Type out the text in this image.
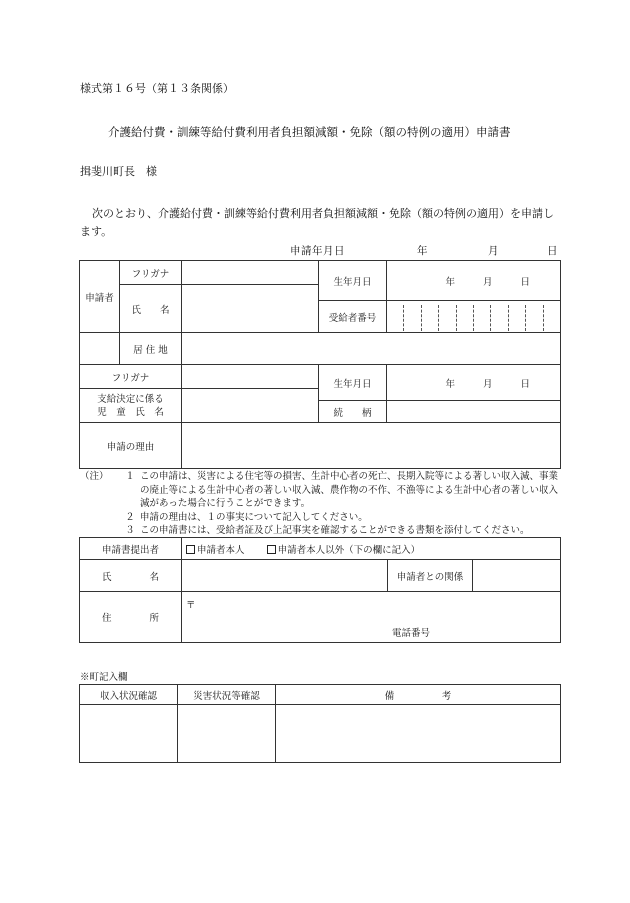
様式第１６号（第１３条関係）
介護給付費・訓練等給付費利用者負担額減額・免除（額の特例の適用）申請書
揖斐川町長　様
次のとおり、介護給付費・訓練等給付費利用者負担額減額・免除（額の特例の適用）を申請します。
申請年月日	年	月	日
申請者	フリガナ		生年月日	年 月 日
	氏　　名			
			受給者番号	

	居 住 地			
フリガナ			生年月日	年 月 日

支給決定に係る
児　童　氏　名				

			続　　柄	
申請の理由				
（注）	１ この申請は、災害による住宅等の損害、生計中心者の死亡、長期入院等による著しい収入減、事業の廃止等による生計中心者の著しい収入減、農作物の不作、不漁等による生計中心者の著しい収入減があった場合に行うことができます。
２ 申請の理由は、１の事実について記入してください。
３ この申請書には、受給者証及び上記事実を確認することができる書類を添付してください。
申請書提出者	申請者本人 申請者本人以外（下の欄に記入）		
氏　　　　名		申請者との関係	
住　　　　所	〒
電話番号		
※町記入欄
収入状況確認	災害状況等確認	備　　　　　考
